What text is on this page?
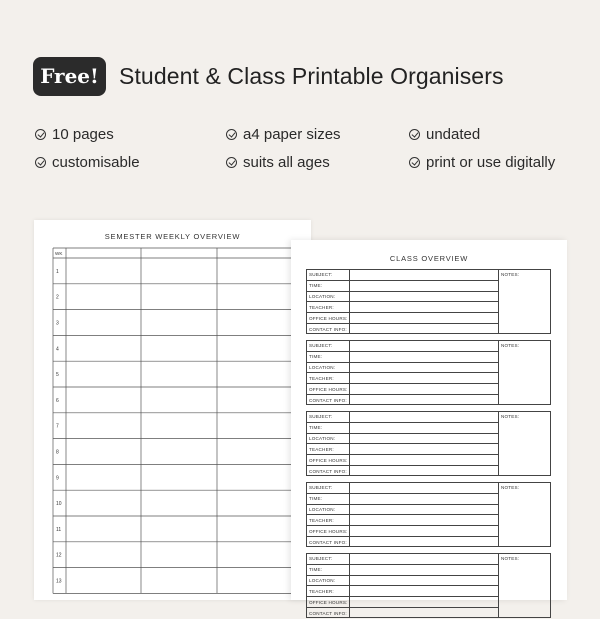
Free! Student & Class Printable Organisers
10 pages	a4 paper sizes	undated
customisable	suits all ages	print or use digitally
SEMESTER WEEKLY OVERVIEW
WK
1
2
3
4
5
6
7
8
9
10
11
12
13
CLASS OVERVIEW
SUBJECT:
TIME:
LOCATION:
TEACHER:
OFFICE HOURS:
CONTACT INFO:
NOTES:
SUBJECT:
TIME:
LOCATION:
TEACHER:
OFFICE HOURS:
CONTACT INFO:
NOTES:
SUBJECT:
TIME:
LOCATION:
TEACHER:
OFFICE HOURS:
CONTACT INFO:
NOTES:
SUBJECT:
TIME:
LOCATION:
TEACHER:
OFFICE HOURS:
CONTACT INFO:
NOTES:
SUBJECT:
TIME:
LOCATION:
TEACHER:
OFFICE HOURS:
CONTACT INFO:
NOTES:
